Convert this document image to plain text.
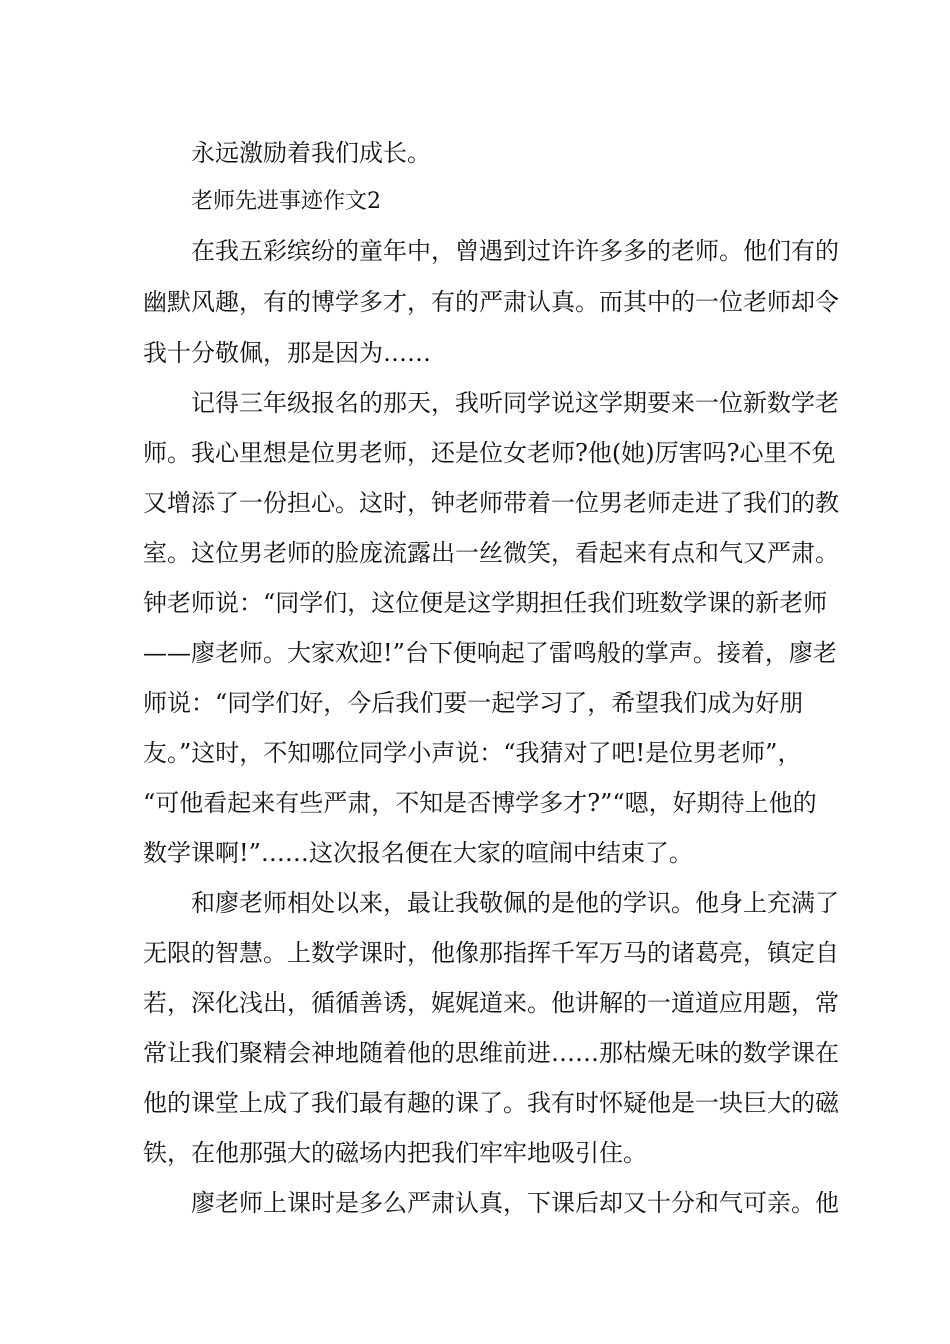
永远激励着我们成长。
老师先进事迹作文2
在我五彩缤纷的童年中，曾遇到过许许多多的老师。他们有的
幽默风趣，有的博学多才，有的严肃认真。而其中的一位老师却令
我十分敬佩，那是因为……
记得三年级报名的那天，我听同学说这学期要来一位新数学老
师。我心里想是位男老师，还是位女老师?他(她)厉害吗?心里不免
又增添了一份担心。这时，钟老师带着一位男老师走进了我们的教
室。这位男老师的脸庞流露出一丝微笑，看起来有点和气又严肃。
钟老师说：“同学们，这位便是这学期担任我们班数学课的新老师
——廖老师。大家欢迎!”台下便响起了雷鸣般的掌声。接着，廖老
师说：“同学们好，今后我们要一起学习了，希望我们成为好朋
友。”这时，不知哪位同学小声说：“我猜对了吧!是位男老师”，
“可他看起来有些严肃，不知是否博学多才?”“嗯，好期待上他的
数学课啊!”……这次报名便在大家的喧闹中结束了。
和廖老师相处以来，最让我敬佩的是他的学识。他身上充满了
无限的智慧。上数学课时，他像那指挥千军万马的诸葛亮，镇定自
若，深化浅出，循循善诱，娓娓道来。他讲解的一道道应用题，常
常让我们聚精会神地随着他的思维前进……那枯燥无味的数学课在
他的课堂上成了我们最有趣的课了。我有时怀疑他是一块巨大的磁
铁，在他那强大的磁场内把我们牢牢地吸引住。
廖老师上课时是多么严肃认真，下课后却又十分和气可亲。他
